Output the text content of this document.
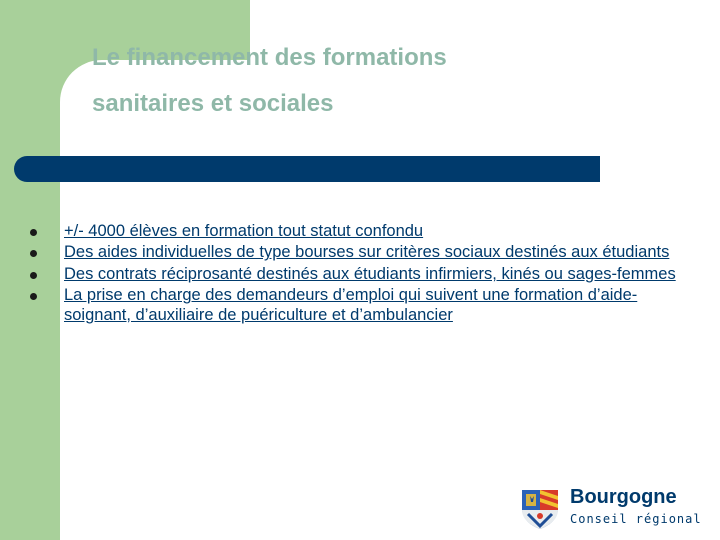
Le financement des formations
sanitaires et sociales
+/- 4000 élèves en formation tout statut confondu
Des aides individuelles de type bourses sur critères sociaux destinés aux étudiants
Des contrats réciprosanté destinés aux étudiants infirmiers, kinés ou sages-femmes
La prise en charge des demandeurs d’emploi qui suivent une formation d’aide-soignant, d’auxiliaire de puériculture et d’ambulancier
Bourgogne
Conseil régional
